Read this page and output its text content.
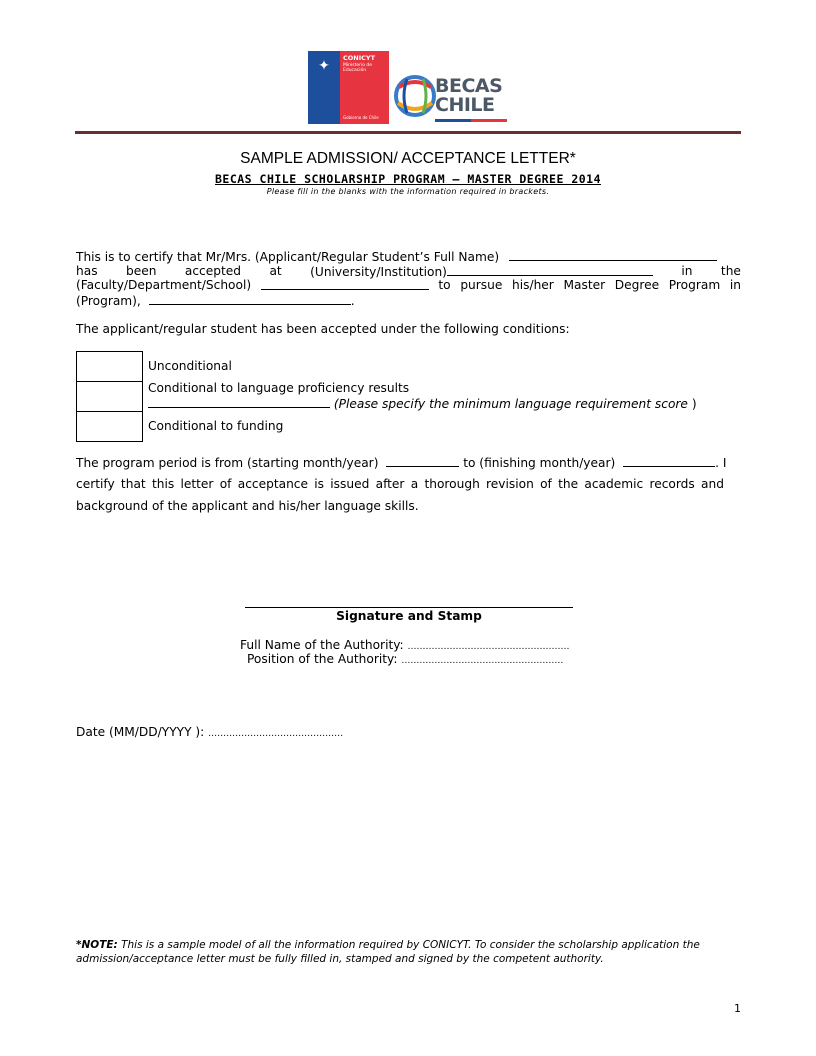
✦	CONICYT
Ministerio de Educación
Gobierno de Chile
BECAS
CHILE
SAMPLE ADMISSION/ ACCEPTANCE LETTER*
BECAS CHILE SCHOLARSHIP PROGRAM – MASTER DEGREE 2014
Please fill in the blanks with the information required in brackets.
This is to certify that Mr/Mrs. (Applicant/Regular Student’s Full Name)
has been accepted at (University/Institution)	in the
(Faculty/Department/School)	to pursue his/her Master Degree Program in
(Program),	.
The applicant/regular student has been accepted under the following conditions:
Unconditional
Conditional to language proficiency results
(Please specify the minimum language requirement score )
Conditional to funding
The program period is from (starting month/year)	to (finishing month/year)	. I
certify that this letter of acceptance is issued after a thorough revision of the academic records and
background of the applicant and his/her language skills.
Signature and Stamp
Full Name of the Authority: ………………………………………………
Position of the Authority: ………………………………………………
Date (MM/DD/YYYY ): ………………………………………
*NOTE: This is a sample model of all the information required by CONICYT. To consider the scholarship application the
admission/acceptance letter must be fully filled in, stamped and signed by the competent authority.
1
